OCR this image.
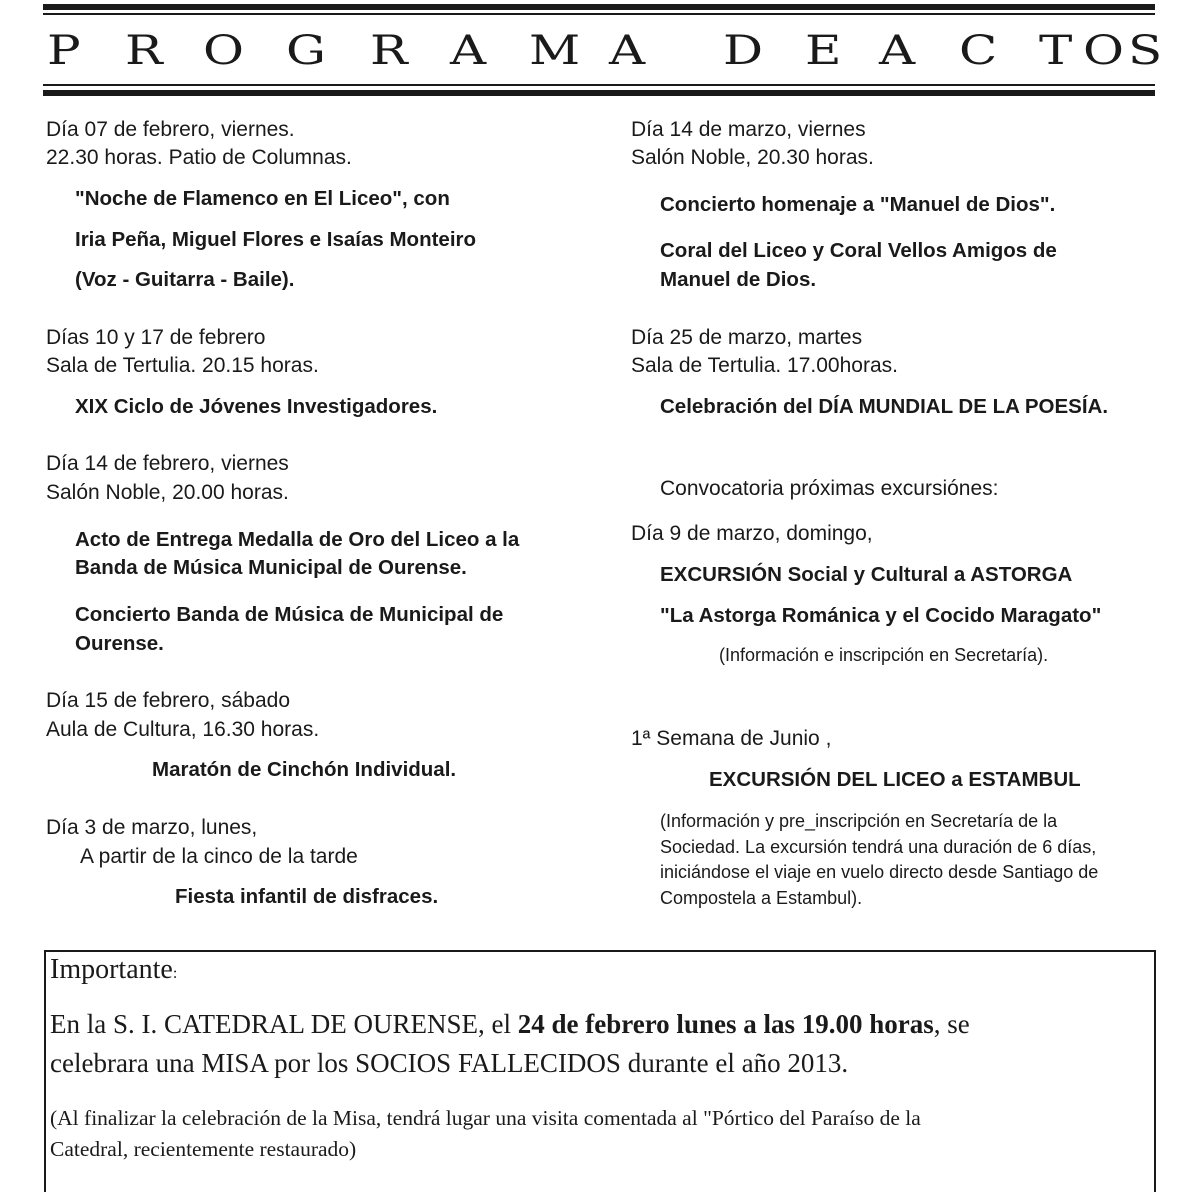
P R O G R A M A D E A C T O S
Día 07 de febrero, viernes.
22.30 horas. Patio de Columnas.
"Noche de Flamenco en El Liceo", con
Iria Peña, Miguel Flores e Isaías Monteiro
(Voz - Guitarra - Baile).
Días 10 y 17 de febrero
Sala de Tertulia. 20.15 horas.
XIX Ciclo de Jóvenes Investigadores.
Día 14 de febrero, viernes
Salón Noble, 20.00 horas.
Acto de Entrega Medalla de Oro del Liceo a la
Banda de Música Municipal de Ourense.
Concierto Banda de Música de Municipal de
Ourense.
Día 15 de febrero, sábado
Aula de Cultura, 16.30 horas.
Maratón de Cinchón Individual.
Día 3 de marzo, lunes,
A partir de la cinco de la tarde
Fiesta infantil de disfraces.
Día 14 de marzo, viernes
Salón Noble, 20.30 horas.
Concierto homenaje a "Manuel de Dios".
Coral del Liceo y Coral Vellos Amigos de
Manuel de Dios.
Día 25 de marzo, martes
Sala de Tertulia. 17.00horas.
Celebración del DÍA MUNDIAL DE LA POESÍA.
Convocatoria próximas excursiónes:
Día 9 de marzo, domingo,
EXCURSIÓN Social y Cultural a ASTORGA
"La Astorga Románica y el Cocido Maragato"
(Información e inscripción en Secretaría).
1ª Semana de Junio ,
EXCURSIÓN DEL LICEO a ESTAMBUL
(Información y pre_inscripción en Secretaría de la
Sociedad. La excursión tendrá una duración de 6 días,
iniciándose el viaje en vuelo directo desde Santiago de
Compostela a Estambul).
Importante:
En la S. I. CATEDRAL DE OURENSE, el 24 de febrero lunes a las 19.00 horas, se
celebrara una MISA por los SOCIOS FALLECIDOS durante el año 2013.
(Al finalizar la celebración de la Misa, tendrá lugar una visita comentada al "Pórtico del Paraíso de la
Catedral, recientemente restaurado)
